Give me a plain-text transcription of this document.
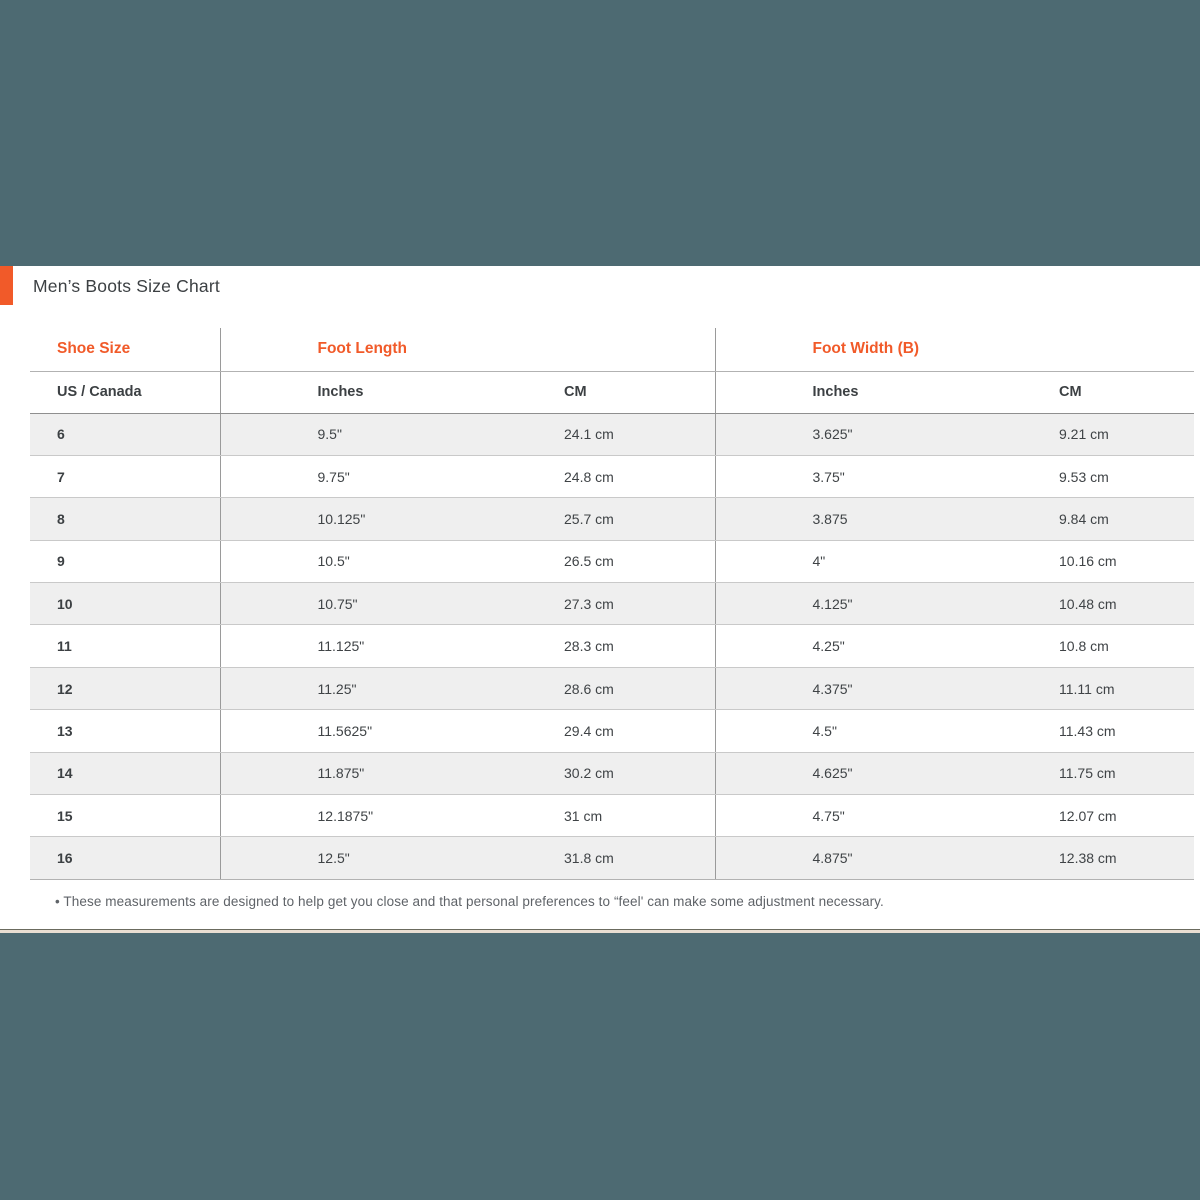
Men’s Boots Size Chart
Shoe Size	Foot Length		Foot Width (B)	
US / Canada	Inches	CM	Inches	CM
6	9.5"	24.1 cm	3.625"	9.21 cm
7	9.75"	24.8 cm	3.75"	9.53 cm
8	10.125"	25.7 cm	3.875	9.84 cm
9	10.5"	26.5 cm	4"	10.16 cm
10	10.75"	27.3 cm	4.125"	10.48 cm
11	11.125"	28.3 cm	4.25"	10.8 cm
12	11.25"	28.6 cm	4.375"	11.11 cm
13	11.5625"	29.4 cm	4.5"	11.43 cm
14	11.875"	30.2 cm	4.625"	11.75 cm
15	12.1875"	31 cm	4.75"	12.07 cm
16	12.5"	31.8 cm	4.875"	12.38 cm

• These measurements are designed to help get you close and that personal preferences to “feel' can make some adjustment necessary.
